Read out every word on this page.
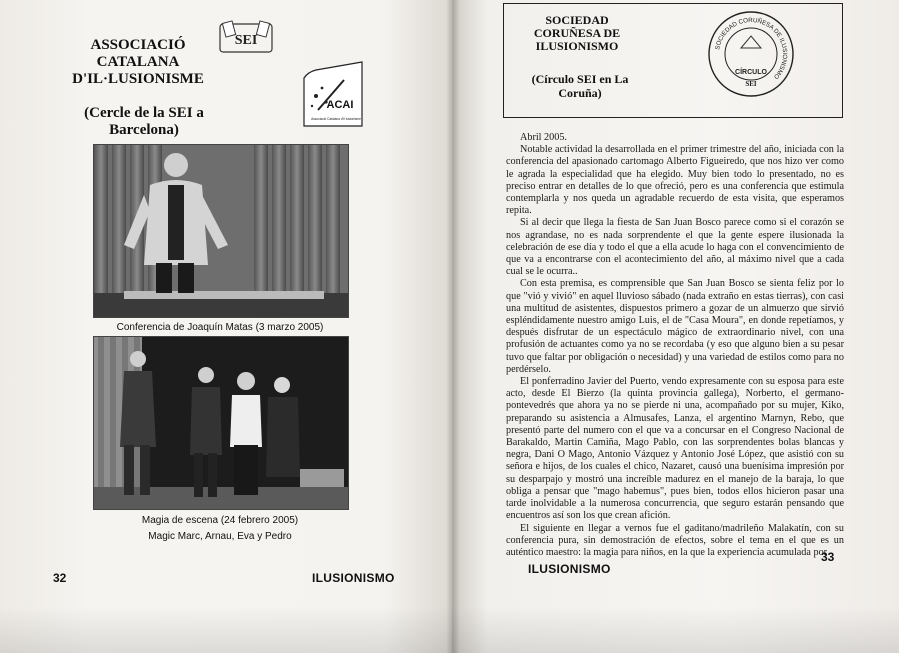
ASSOCIACIÓ CATALANA D'IL·LUSIONISME
SEI
ACAI
Associació Catalana d'Il·lusionisme
(Cercle de la SEI a Barcelona)
Conferencia de Joaquín Matas (3 marzo 2005)
Magia de escena (24 febrero 2005)
Magic Marc, Arnau, Eva y Pedro
32	ILUSIONISMO
SOCIEDAD CORUÑESA DE ILUSIONISMO
(Círculo SEI en La Coruña)
SOCIEDAD CORUÑESA DE ILUSIONISMO
CÍRCULO
SEI

Abril 2005.

Notable actividad la desarrollada en el primer trimestre del año, iniciada con la conferencia del apasionado cartomago Alberto Figueiredo, que nos hizo ver como le agrada la especialidad que ha elegido. Muy bien todo lo presentado, no es preciso entrar en detalles de lo que ofreció, pero es una conferencia que estimula contemplarla y nos queda un agradable recuerdo de esta visita, que esperamos repita.

Si al decir que llega la fiesta de San Juan Bosco parece como si el corazón se nos agrandase, no es nada sorprendente el que la gente espere ilusionada la celebración de ese día y todo el que a ella acude lo haga con el convencimiento de que va a encontrarse con el acontecimiento del año, al máximo nivel que a cada cual se le ocurra..

Con esta premisa, es comprensible que San Juan Bosco se sienta feliz por lo que "vió y vivió" en aquel lluvioso sábado (nada extraño en estas tierras), con casi una multitud de asistentes, dispuestos primero a gozar de un almuerzo que sirvió espléndidamente nuestro amigo Luis, el de "Casa Moura", en donde repetíamos, y después disfrutar de un espectáculo mágico de extraordinario nivel, con una profusión de actuantes como ya no se recordaba (y eso que alguno bien a su pesar tuvo que faltar por obligación o necesidad) y una variedad de estilos como para no perdérselo.

El ponferradino Javier del Puerto, vendo expresamente con su esposa para este acto, desde El Bierzo (la quinta provincia gallega), Norberto, el germano-pontevedrés que ahora ya no se pierde ni una, acompañado por su mujer, Kiko, preparando su asistencia a Almusafes, Lanza, el argentino Marnyn, Rebo, que presentó parte del numero con el que va a concursar en el Congreso Nacional de Barakaldo, Martin Camiña, Mago Pablo, con las sorprendentes bolas blancas y negra, Dani O Mago, Antonio Vázquez y Antonio José López, que asistió con su señora e hijos, de los cuales el chico, Nazaret, causó una buenísima impresión por su desparpajo y mostró una increíble madurez en el manejo de la baraja, lo que obliga a pensar que "mago habemus", pues bien, todos ellos hicieron pasar una tarde inolvidable a la numerosa concurrencia, que seguro estarán pensando que encuentros así son los que crean afición.

El siguiente en llegar a vernos fue el gaditano/madrileño Malakatín, con su conferencia pura, sin demostración de efectos, sobre el tema en el que es un auténtico maestro: la magia para niños, en la que la experiencia acumulada por

ILUSIONISMO
33
